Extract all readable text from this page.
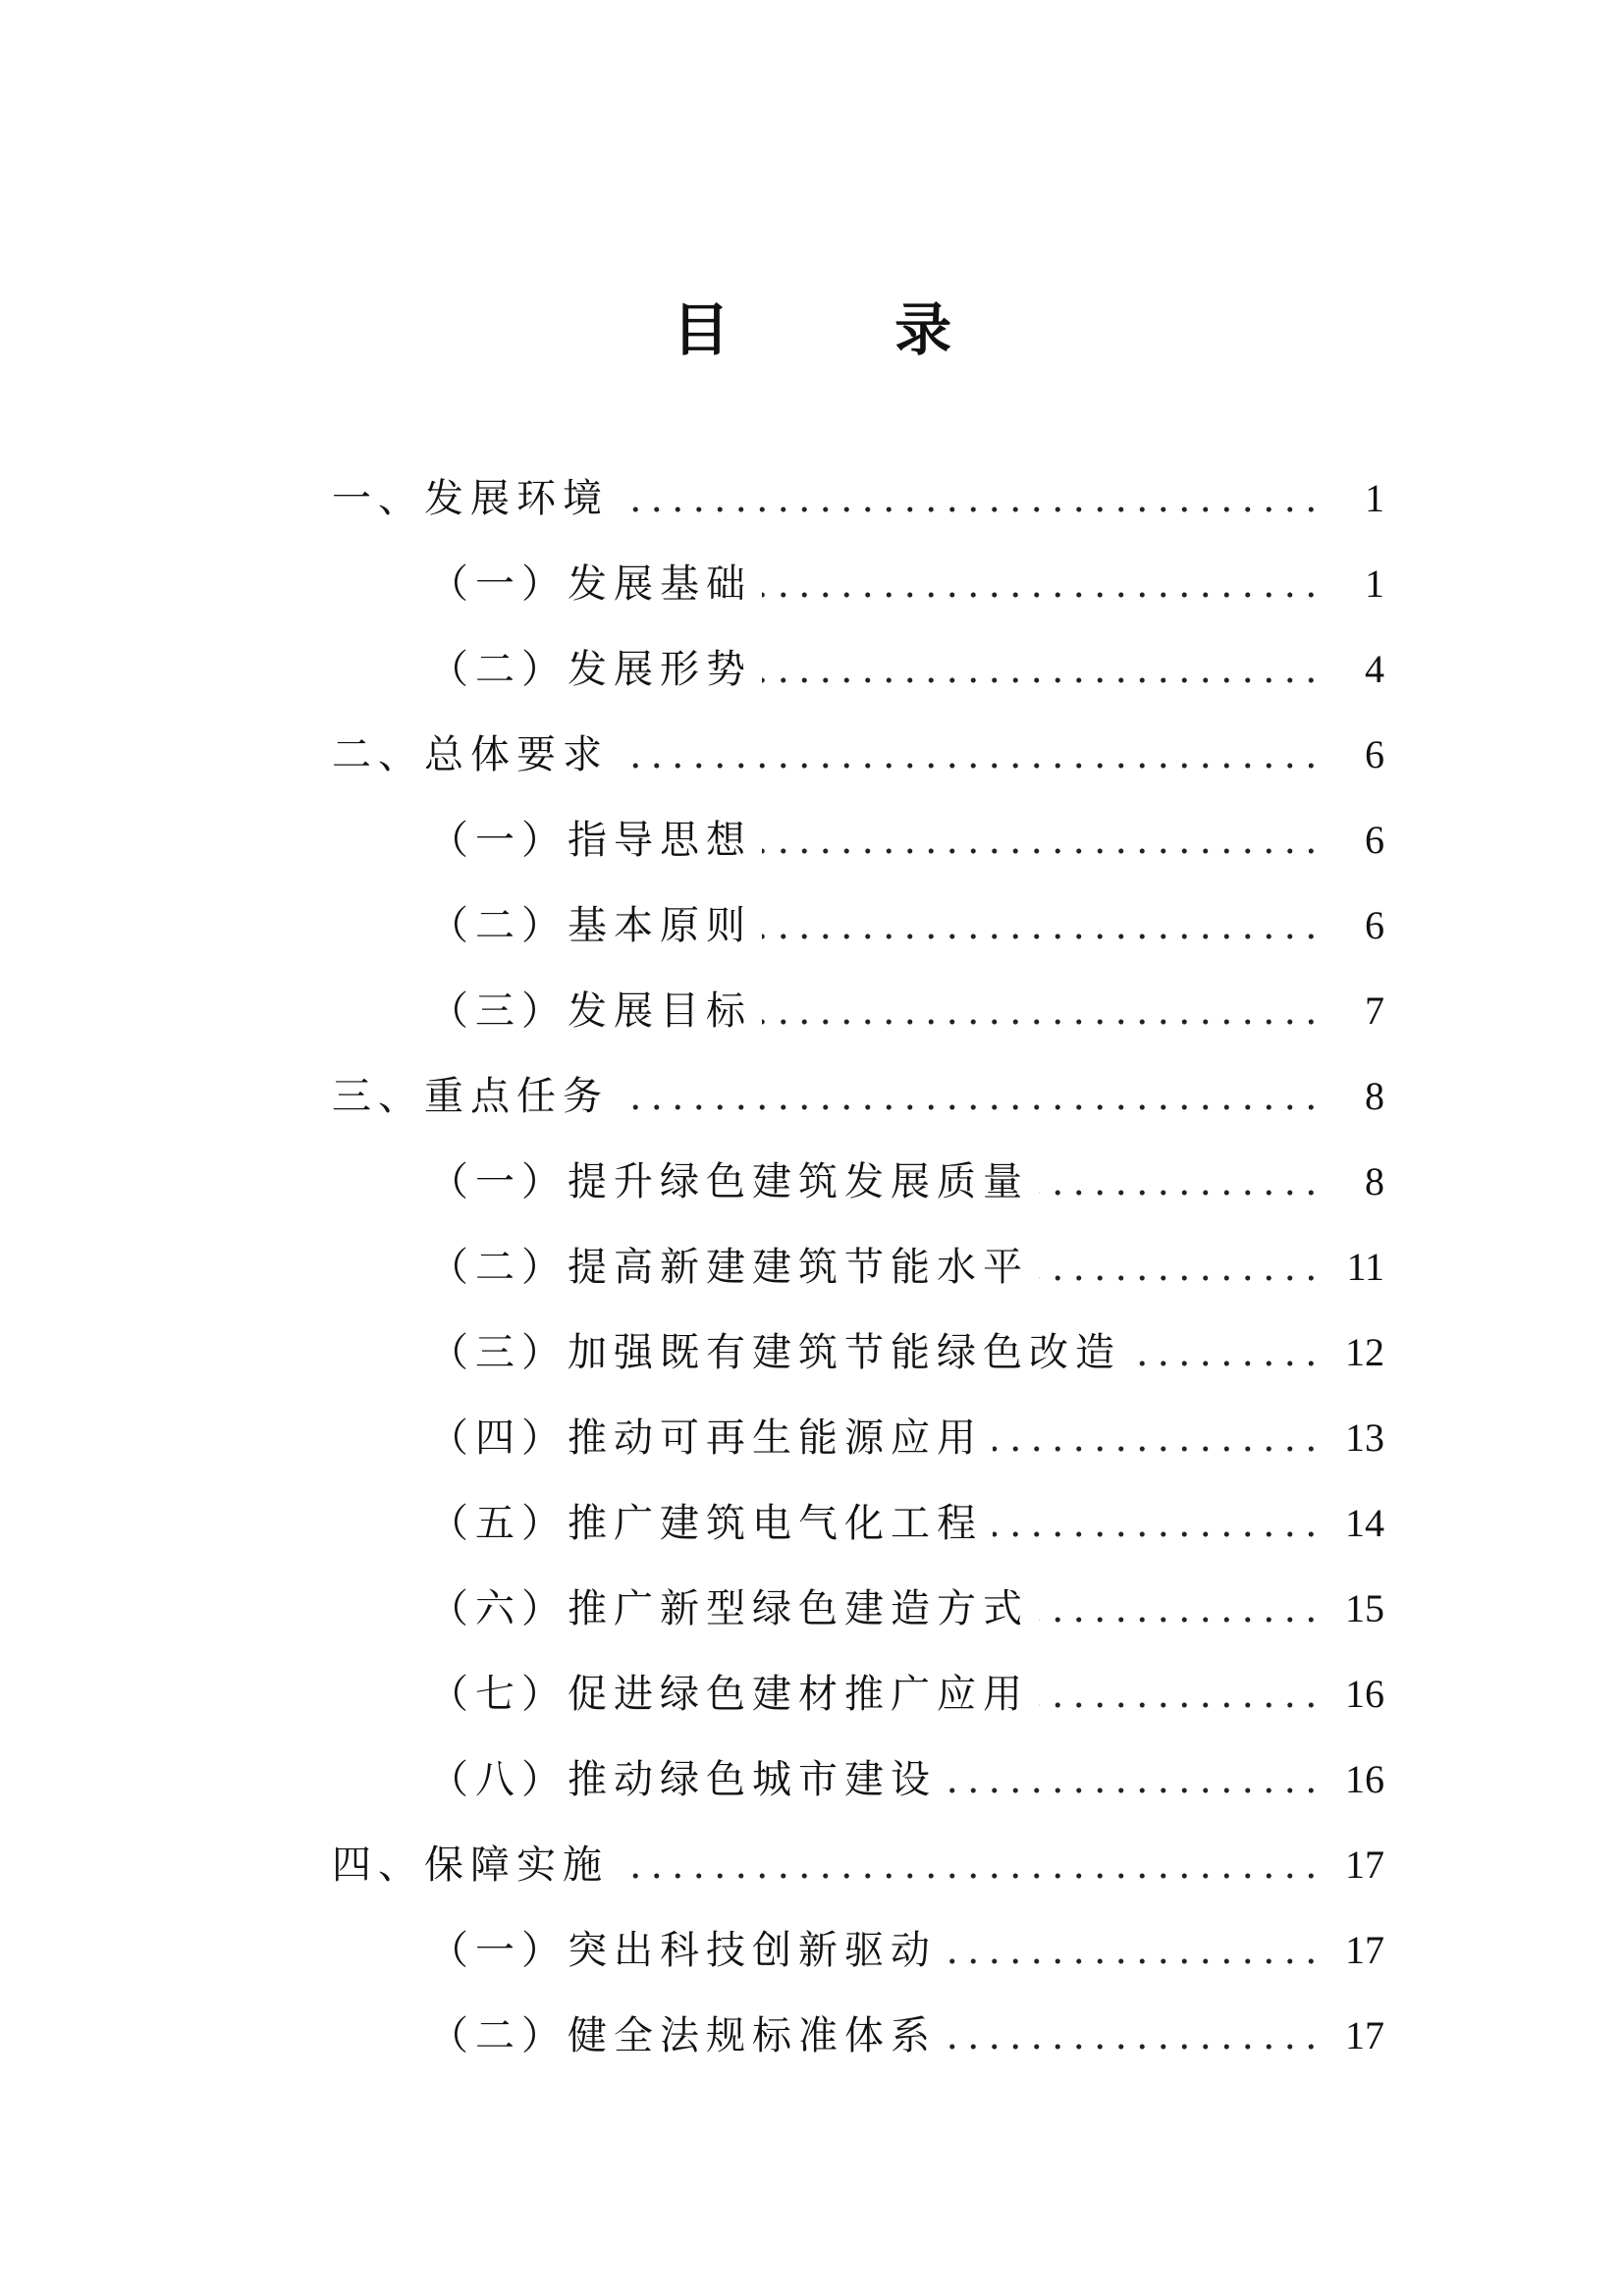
目 录
一、发展环境	1
（一）发展基础	1
（二）发展形势	4
二、总体要求	6
（一）指导思想	6
（二）基本原则	6
（三）发展目标	7
三、重点任务	8
（一）提升绿色建筑发展质量	8
（二）提高新建建筑节能水平	11
（三）加强既有建筑节能绿色改造	12
（四）推动可再生能源应用	13
（五）推广建筑电气化工程	14
（六）推广新型绿色建造方式	15
（七）促进绿色建材推广应用	16
（八）推动绿色城市建设	16
四、保障实施	17
（一）突出科技创新驱动	17
（二）健全法规标准体系	17
